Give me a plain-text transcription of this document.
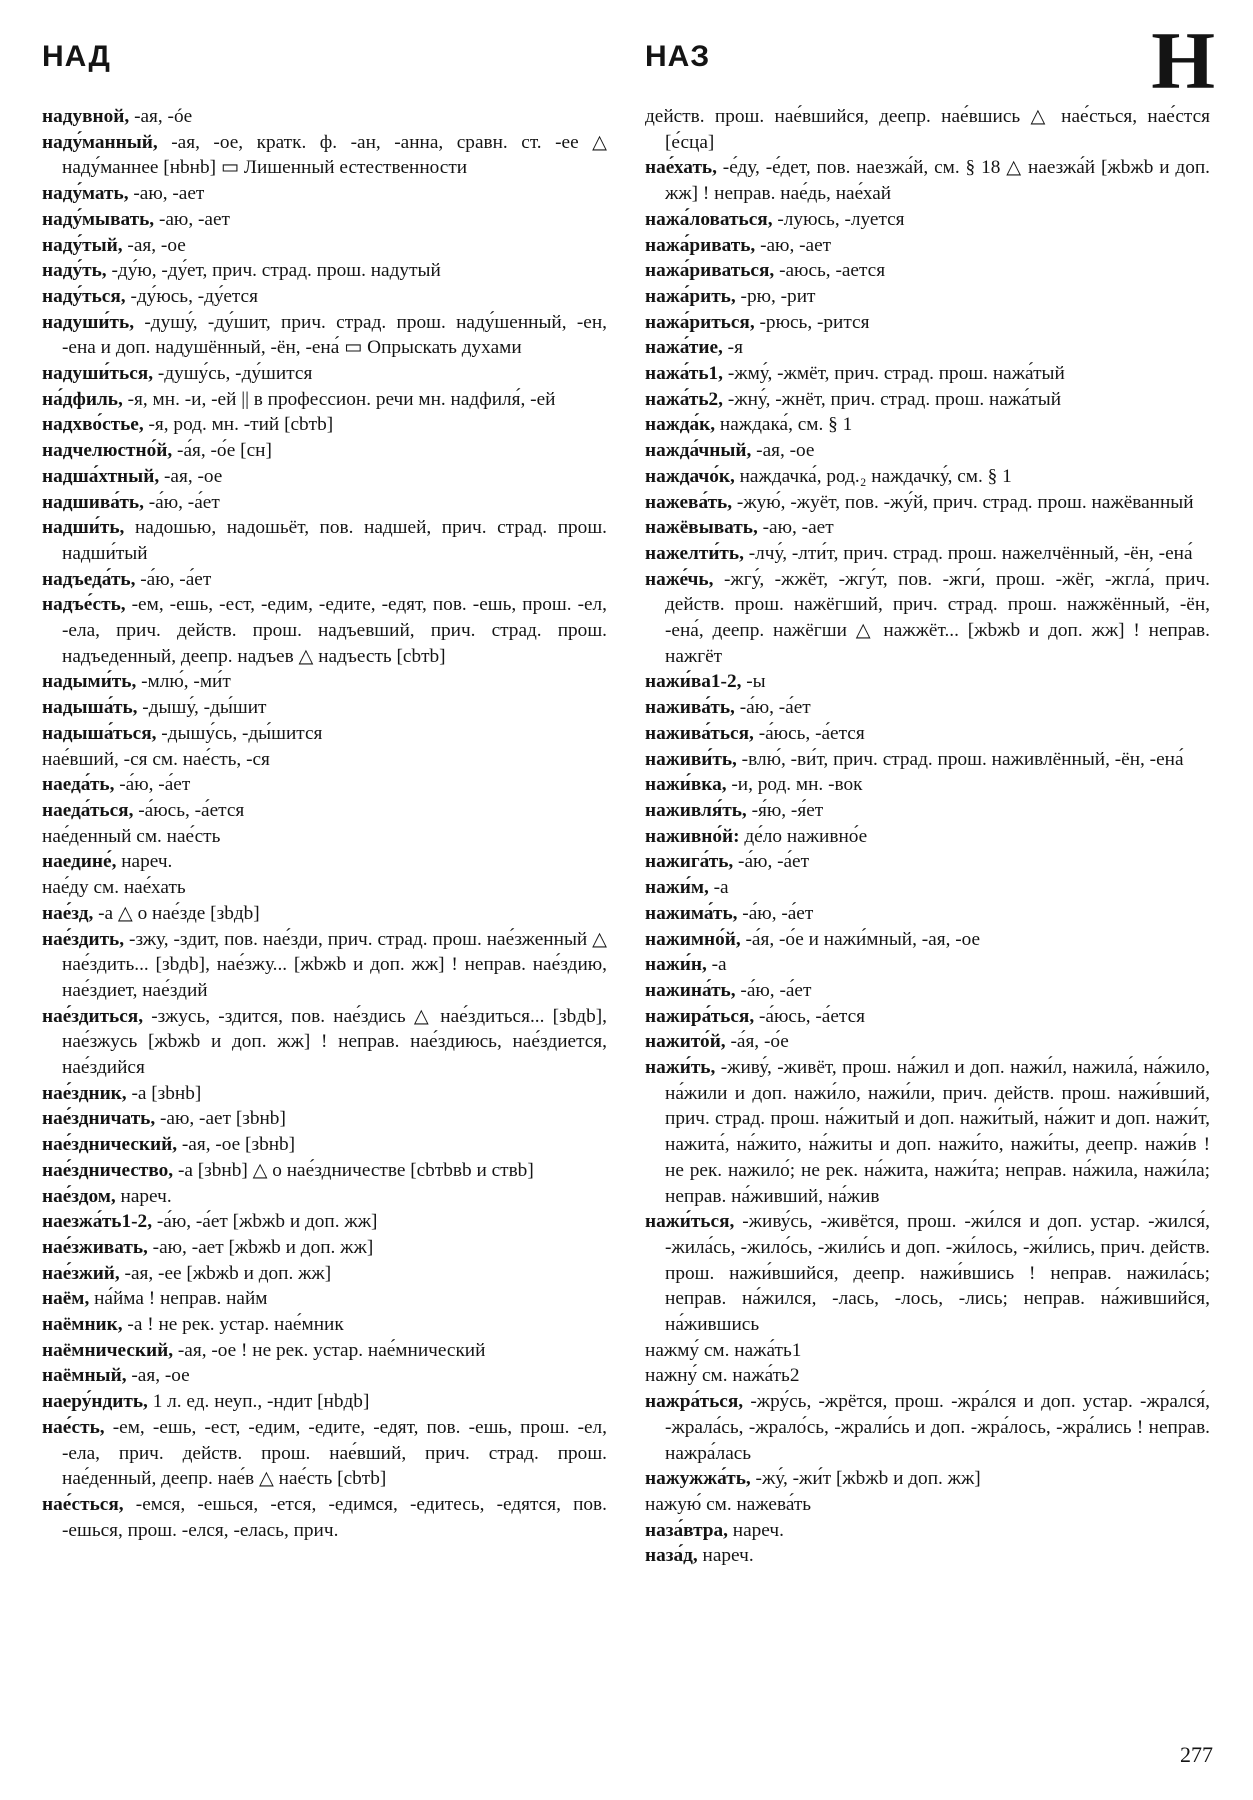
НАД	НАЗ	Н
надувной, -ая, -óе
наду́манный, -ая, -ое, кратк. ф. -ан, -анна, сравн. ст. -ее △ наду́маннее [нbнb] ▭ Лишенный естественности
наду́мать, -аю, -ает
наду́мывать, -аю, -ает
наду́тый, -ая, -ое
наду́ть, -ду́ю, -ду́ет, прич. страд. прош. надутый
наду́ться, -ду́юсь, -ду́ется
надуши́ть, -душу́, -ду́шит, прич. страд. прош. наду́шенный, -ен, -ена и доп. надушённый, -ён, -ена́ ▭ Опрыскать духами
надуши́ться, -душу́сь, -ду́шится
на́дфиль, -я, мн. -и, -ей || в профессион. речи мн. надфиля́, -ей
надхво́стье, -я, род. мн. -тий [сbтb]
надчелюстно́й, -а́я, -о́е [сн]
надша́хтный, -ая, -ое
надшива́ть, -а́ю, -а́ет
надши́ть, надошью, надошьёт, пов. надшей, прич. страд. прош. надши́тый
надъеда́ть, -а́ю, -а́ет
надъе́сть, -ем, -ешь, -ест, -едим, -едите, -едят, пов. -ешь, прош. -ел, -ела, прич. действ. прош. надъевший, прич. страд. прош. надъеденный, деепр. надъев △ надъесть [сbтb]
надыми́ть, -млю́, -ми́т
надыша́ть, -дышу́, -ды́шит
надыша́ться, -дышу́сь, -ды́шится
нае́вший, -ся см. нае́сть, -ся
наеда́ть, -а́ю, -а́ет
наеда́ться, -а́юсь, -а́ется
нае́денный см. нае́сть
наедине́, нареч.
нае́ду см. нае́хать
нае́зд, -а △ о нае́зде [зbдb]
нае́здить, -зжу, -здит, пов. нае́зди, прич. страд. прош. нае́зженный △ нае́здить... [зbдb], нае́зжу... [жbжb и доп. жж] ! неправ. нае́здию, нае́здиет, нае́здий
нае́здиться, -зжусь, -здится, пов. нае́здись △ нае́здиться... [зbдb], нае́зжусь [жbжb и доп. жж] ! неправ. нае́здиюсь, нае́здиется, нае́здийся
нае́здник, -а [зbнb]
нае́здничать, -аю, -ает [зbнb]
нае́зднический, -ая, -ое [зbнb]
нае́здничество, -а [зbнb] △ о нае́здничестве [сbтbвb и ствb]
нае́здом, нареч.
наезжа́ть1-2, -а́ю, -а́ет [жbжb и доп. жж]
нае́зживать, -аю, -ает [жbжb и доп. жж]
нае́зжий, -ая, -ее [жbжb и доп. жж]
наём, на́йма ! неправ. найм
наёмник, -а ! не рек. устар. нае́мник
наёмнический, -ая, -ое ! не рек. устар. нае́мнический
наёмный, -ая, -ое
наеру́ндить, 1 л. ед. неуп., -ндит [нbдb]
нае́сть, -ем, -ешь, -ест, -едим, -едите, -едят, пов. -ешь, прош. -ел, -ела, прич. действ. прош. нае́вший, прич. страд. прош. нае́денный, деепр. нае́в △ нае́сть [сbтb]
нае́сться, -емся, -ешься, -ется, -едимся, -едитесь, -едятся, пов. -ешься, прош. -елся, -елась, прич.
действ. прош. нае́вшийся, деепр. нае́вшись △ нае́сться, нае́стся [е́сца]
нае́хать, -е́ду, -е́дет, пов. наезжа́й, см. § 18 △ наезжа́й [жbжb и доп. жж] ! неправ. нае́дь, нае́хай
нажа́ловаться, -луюсь, -луется
нажа́ривать, -аю, -ает
нажа́риваться, -аюсь, -ается
нажа́рить, -рю, -рит
нажа́риться, -рюсь, -рится
нажа́тие, -я
нажа́ть1, -жму́, -жмёт, прич. страд. прош. нажа́тый
нажа́ть2, -жну́, -жнёт, прич. страд. прош. нажа́тый
нажда́к, наждака́, см. § 1
нажда́чный, -ая, -ое
наждачо́к, наждачка́, род.₂ наждачку́, см. § 1
нажева́ть, -жую́, -жуёт, пов. -жу́й, прич. страд. прош. нажёванный
нажёвывать, -аю, -ает
нажелти́ть, -лчу́, -лти́т, прич. страд. прош. нажелчённый, -ён, -ена́
наже́чь, -жгу́, -жжёт, -жгу́т, пов. -жги́, прош. -жёг, -жгла́, прич. действ. прош. нажёгший, прич. страд. прош. нажжённый, -ён, -ена́, деепр. нажёгши △ нажжёт... [жbжb и доп. жж] ! неправ. нажгёт
нажи́ва1-2, -ы
нажива́ть, -а́ю, -а́ет
нажива́ться, -а́юсь, -а́ется
наживи́ть, -влю́, -ви́т, прич. страд. прош. наживлённый, -ён, -ена́
нажи́вка, -и, род. мн. -вок
наживля́ть, -я́ю, -я́ет
наживно́й: де́ло наживно́е
нажига́ть, -а́ю, -а́ет
нажи́м, -а
нажима́ть, -а́ю, -а́ет
нажимно́й, -а́я, -о́е и нажи́мный, -ая, -ое
нажи́н, -а
нажина́ть, -а́ю, -а́ет
нажира́ться, -а́юсь, -а́ется
нажито́й, -а́я, -о́е
нажи́ть, -живу́, -живёт, прош. на́жил и доп. нажи́л, нажила́, на́жило, на́жили и доп. нажи́ло, нажи́ли, прич. действ. прош. нажи́вший, прич. страд. прош. на́житый и доп. нажи́тый, на́жит и доп. нажи́т, нажита́, на́жито, на́житы и доп. нажи́то, нажи́ты, деепр. нажи́в ! не рек. нажило́; не рек. на́жита, нажи́та; неправ. на́жила, нажи́ла; неправ. на́живший, на́жив
нажи́ться, -живу́сь, -живётся, прош. -жи́лся и доп. устар. -жился́, -жила́сь, -жило́сь, -жили́сь и доп. -жи́лось, -жи́лись, прич. действ. прош. нажи́вшийся, деепр. нажи́вшись ! неправ. нажила́сь; неправ. на́жился, -лась, -лось, -лись; неправ. на́жившийся, на́жившись
нажму́ см. нажа́ть1
нажну́ см. нажа́ть2
нажра́ться, -жру́сь, -жрётся, прош. -жра́лся и доп. устар. -жрался́, -жрала́сь, -жрало́сь, -жрали́сь и доп. -жра́лось, -жра́лись ! неправ. нажра́лась
нажужжа́ть, -жу́, -жи́т [жbжb и доп. жж]
нажую́ см. нажева́ть
наза́втра, нареч.
наза́д, нареч.
277
